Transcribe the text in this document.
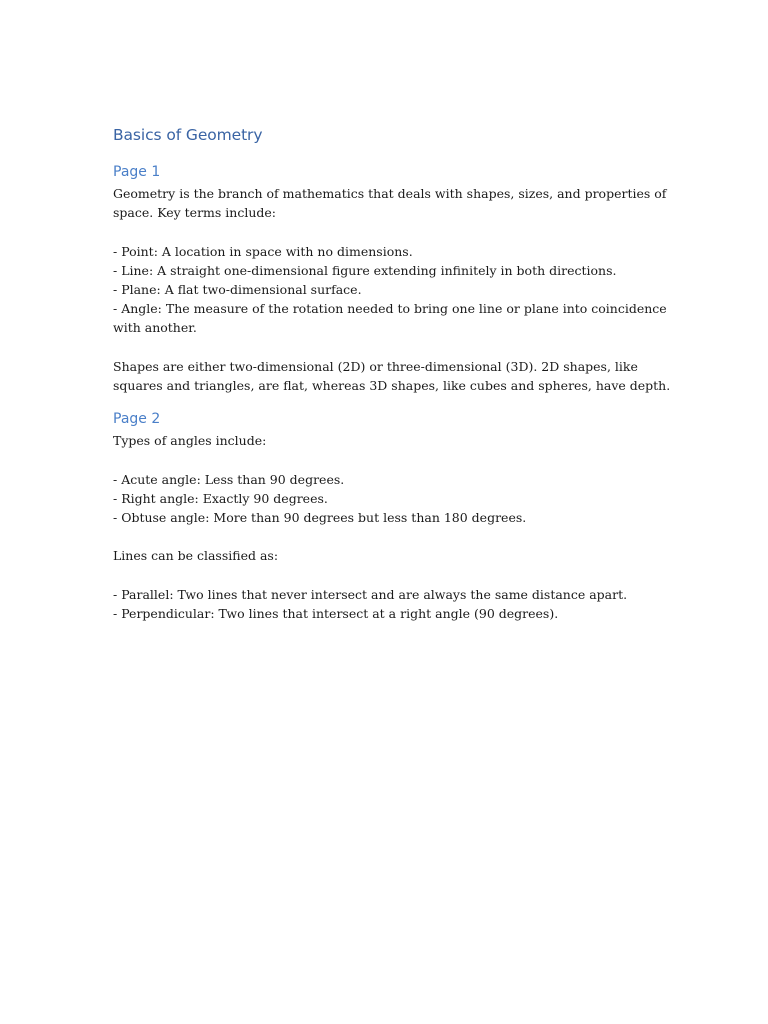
Basics of Geometry
Page 1

Geometry is the branch of mathematics that deals with shapes, sizes, and properties of space. Key terms include:

- Point: A location in space with no dimensions.
- Line: A straight one-dimensional figure extending infinitely in both directions.
- Plane: A flat two-dimensional surface.
- Angle: The measure of the rotation needed to bring one line or plane into coincidence with another.

Shapes are either two-dimensional (2D) or three-dimensional (3D). 2D shapes, like squares and triangles, are flat, whereas 3D shapes, like cubes and spheres, have depth.

Page 2

Types of angles include:

- Acute angle: Less than 90 degrees.
- Right angle: Exactly 90 degrees.
- Obtuse angle: More than 90 degrees but less than 180 degrees.

Lines can be classified as:

- Parallel: Two lines that never intersect and are always the same distance apart.
- Perpendicular: Two lines that intersect at a right angle (90 degrees).
